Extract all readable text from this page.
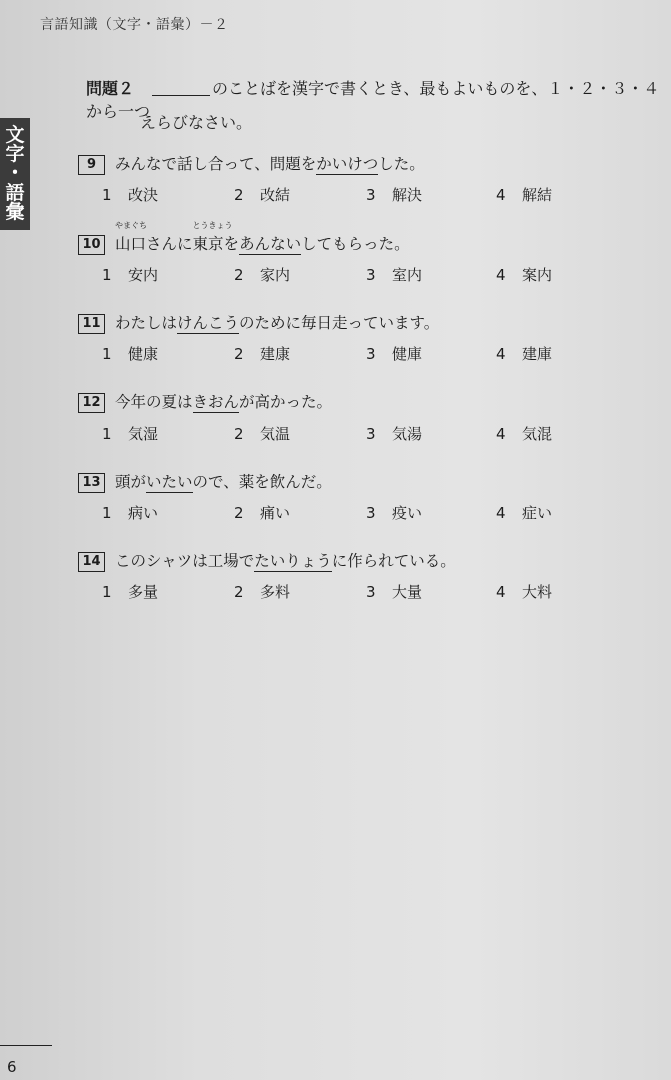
言語知識（文字・語彙）－２
文
字
・
語
彙
問題２	のことばを漢字で書くとき、最もよいものを、１・２・３・４から一つ
えらびなさい。
9 みんなで話し合って、問題をかいけつした。
1 改決	2 改結	3 解決	4 解結
10
やまぐち
山口さんに
とうきょう
東京をあんないしてもらった。
1 安内	2 家内	3 室内	4 案内
11 わたしはけんこうのために毎日走っています。
1 健康	2 建康	3 健庫	4 建庫
12 今年の夏はきおんが高かった。
1 気湿	2 気温	3 気湯	4 気混
13 頭がいたいので、薬を飲んだ。
1 病い	2 痛い	3 疫い	4 症い
14 このシャツは工場でたいりょうに作られている。
1 多量	2 多料	3 大量	4 大料
6
